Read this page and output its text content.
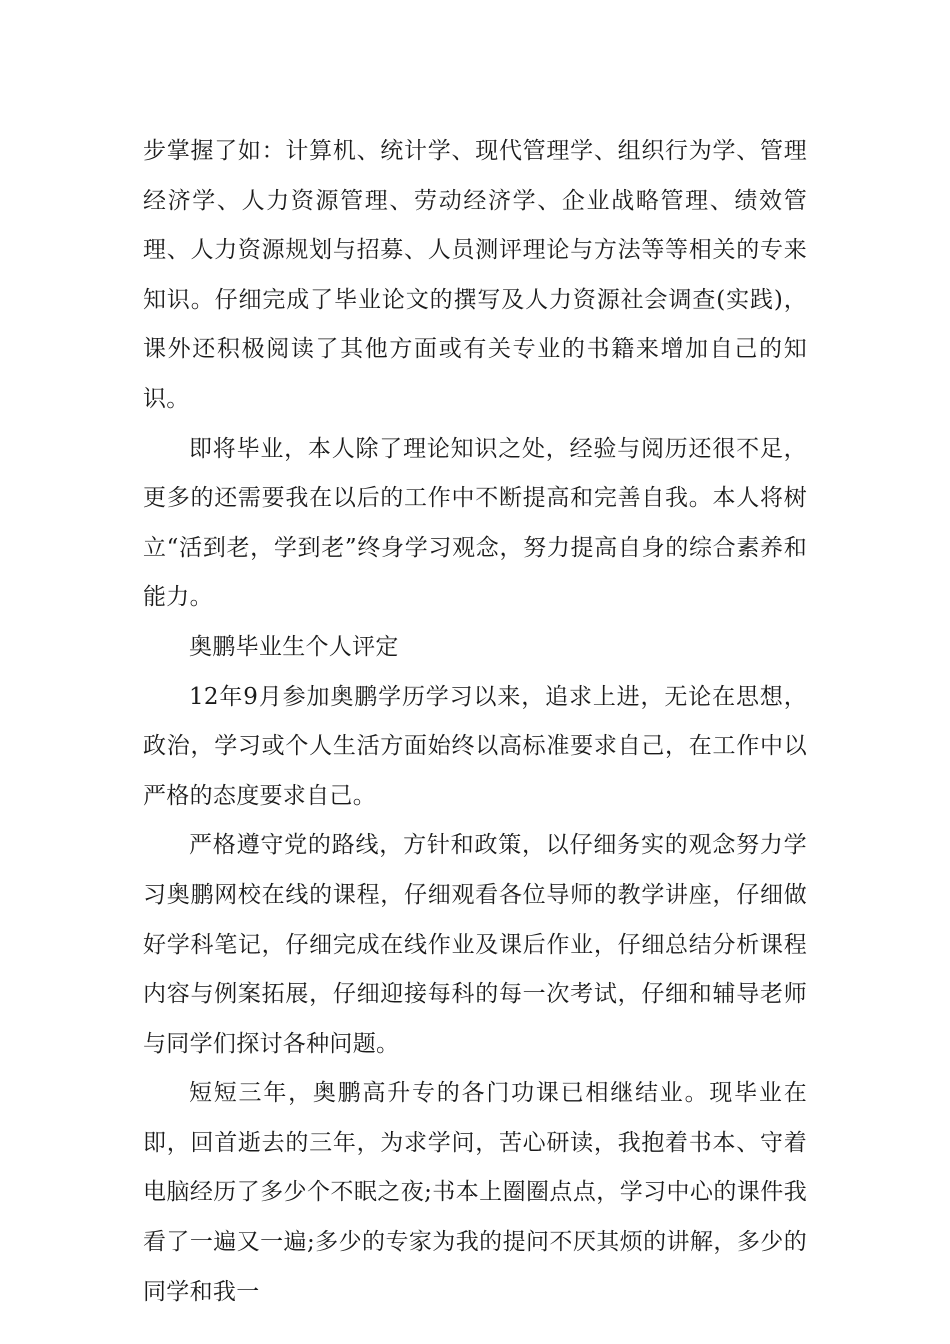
步掌握了如：计算机、统计学、现代管理学、组织行为学、管理经济学、人力资源管理、劳动经济学、企业战略管理、绩效管理、人力资源规划与招募、人员测评理论与方法等等相关的专来知识。仔细完成了毕业论文的撰写及人力资源社会调查(实践)，课外还积极阅读了其他方面或有关专业的书籍来增加自己的知识。

即将毕业，本人除了理论知识之处，经验与阅历还很不足，更多的还需要我在以后的工作中不断提高和完善自我。本人将树立“活到老，学到老”终身学习观念，努力提高自身的综合素养和能力。

奥鹏毕业生个人评定

12年9月参加奥鹏学历学习以来，追求上进，无论在思想，政治，学习或个人生活方面始终以高标准要求自己，在工作中以严格的态度要求自己。

严格遵守党的路线，方针和政策，以仔细务实的观念努力学习奥鹏网校在线的课程，仔细观看各位导师的教学讲座，仔细做好学科笔记，仔细完成在线作业及课后作业，仔细总结分析课程内容与例案拓展，仔细迎接每科的每一次考试，仔细和辅导老师与同学们探讨各种问题。

短短三年，奥鹏高升专的各门功课已相继结业。现毕业在即，回首逝去的三年，为求学问，苦心研读，我抱着书本、守着电脑经历了多少个不眠之夜;书本上圈圈点点，学习中心的课件我看了一遍又一遍;多少的专家为我的提问不厌其烦的讲解，多少的同学和我一
